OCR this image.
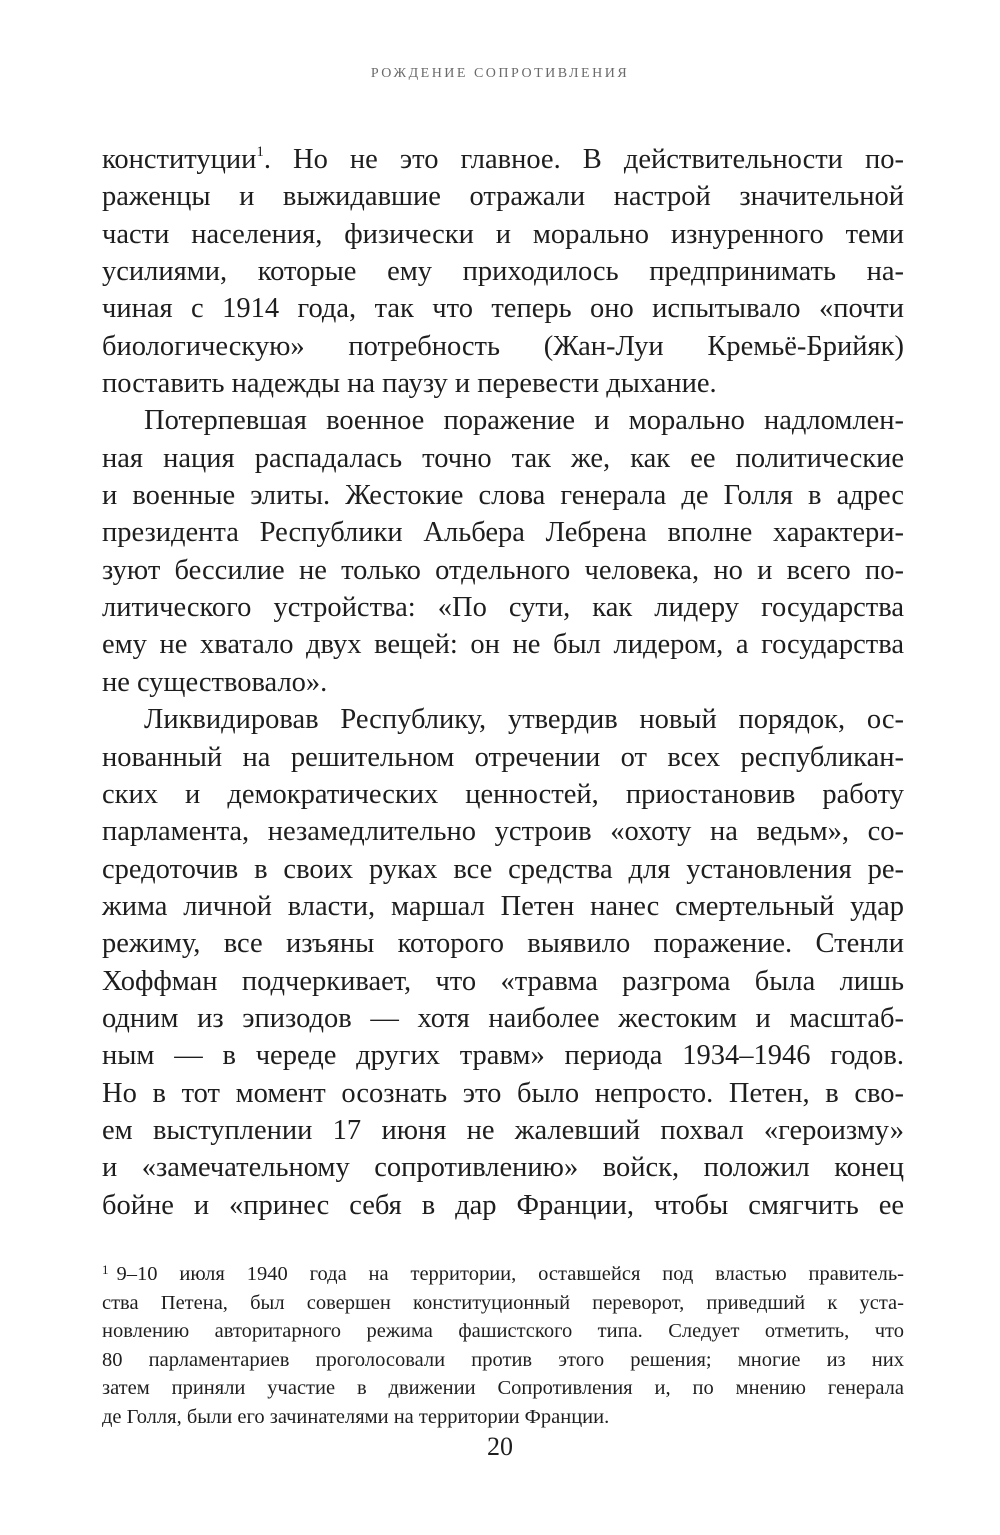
РОЖДЕНИЕ СОПРОТИВЛЕНИЯ
конституции$^1$. Но не это главное. В действительности по-
раженцы и выжидавшие отражали настрой значительной
части населения, физически и морально изнуренного теми
усилиями, которые ему приходилось предпринимать на-
чиная с 1914 года, так что теперь оно испытывало «почти
биологическую» потребность (Жан-Луи Кремьё-Брийяк)
поставить надежды на паузу и перевести дыхание.
Потерпевшая военное поражение и морально надломлен-
ная нация распадалась точно так же, как ее политические
и военные элиты. Жестокие слова генерала де Голля в адрес
президента Республики Альбера Лебрена вполне характери-
зуют бессилие не только отдельного человека, но и всего по-
литического устройства: «По сути, как лидеру государства
ему не хватало двух вещей: он не был лидером, а государства
не существовало».
Ликвидировав Республику, утвердив новый порядок, ос-
нованный на решительном отречении от всех республикан-
ских и демократических ценностей, приостановив работу
парламента, незамедлительно устроив «охоту на ведьм», со-
средоточив в своих руках все средства для установления ре-
жима личной власти, маршал Петен нанес смертельный удар
режиму, все изъяны которого выявило поражение. Стенли
Хоффман подчеркивает, что «травма разгрома была лишь
одним из эпизодов — хотя наиболее жестоким и масштаб-
ным — в череде других травм» периода 1934–1946 годов.
Но в тот момент осознать это было непросто. Петен, в сво-
ем выступлении 17 июня не жалевший похвал «героизму»
и «замечательному сопротивлению» войск, положил конец
бойне и «принес себя в дар Франции, чтобы смягчить ее
$^1$ 9–10 июля 1940 года на территории, оставшейся под властью правитель-
ства Петена, был совершен конституционный переворот, приведший к уста-
новлению авторитарного режима фашистского типа. Следует отметить, что
80 парламентариев проголосовали против этого решения; многие из них
затем приняли участие в движении Сопротивления и, по мнению генерала
де Голля, были его зачинателями на территории Франции.
20
